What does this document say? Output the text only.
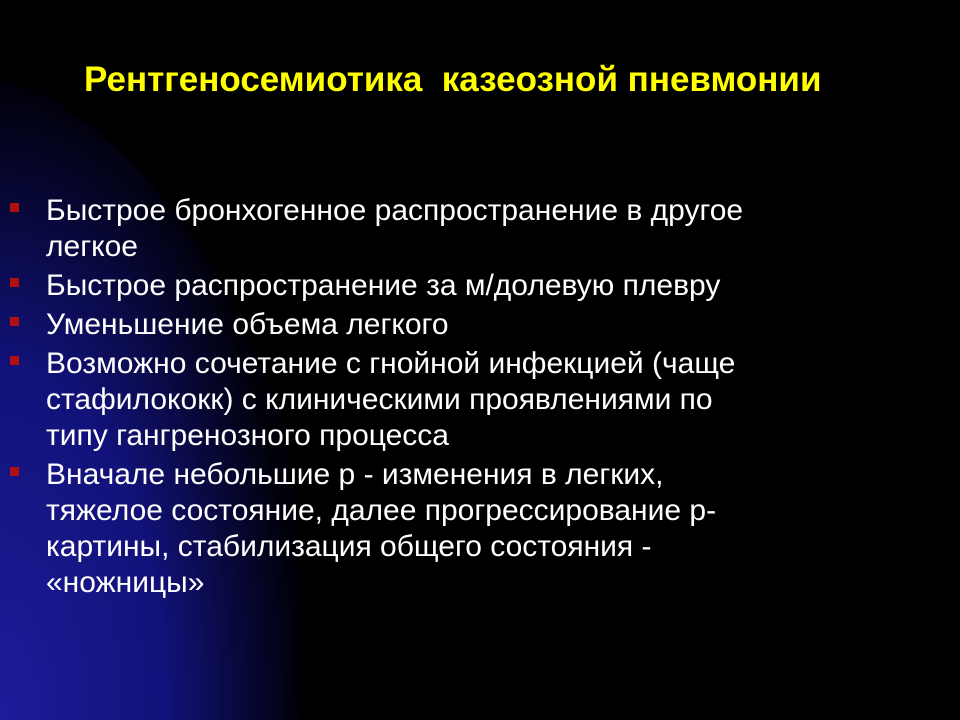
Рентгеносемиотика  казеозной пневмонии
Быстрое бронхогенное распространение в другое
легкое
Быстрое распространение за м/долевую плевру
Уменьшение объема легкого
Возможно сочетание с гнойной инфекцией (чаще
стафилококк) с клиническими проявлениями по
типу гангренозного процесса
Вначале небольшие р - изменения в легких,
тяжелое состояние, далее прогрессирование р-
картины, стабилизация общего состояния -
«ножницы»
